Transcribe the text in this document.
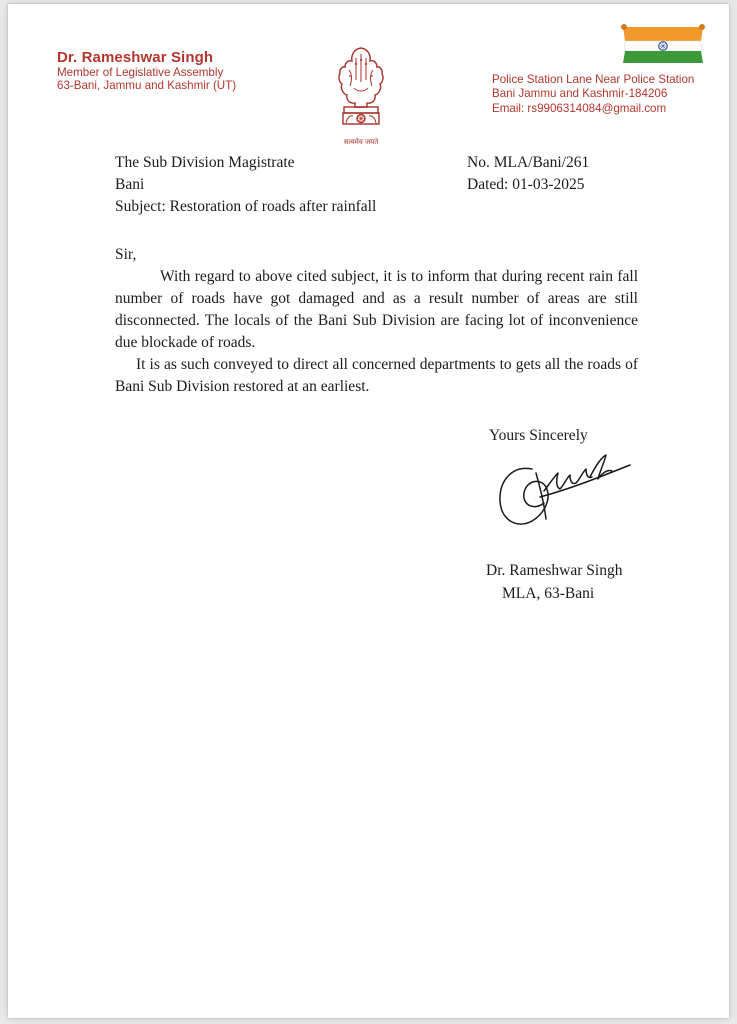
Dr. Rameshwar Singh
Member of Legislative Assembly
63-Bani, Jammu and Kashmir (UT)
सत्यमेव जयते
Police Station Lane Near Police Station
Bani Jammu and Kashmir-184206
Email: rs9906314084@gmail.com
The Sub Division Magistrate
Bani
Subject: Restoration of roads after rainfall
No. MLA/Bani/261
Dated: 01-03-2025
Sir,

With regard to above cited subject, it is to inform that during recent rain fall number of roads have got damaged and as a result number of areas are still disconnected. The locals of the Bani Sub Division are facing lot of inconvenience due blockade of roads.

It is as such conveyed to direct all concerned departments to gets all the roads of Bani Sub Division restored at an earliest.

Yours Sincerely
Dr. Rameshwar Singh
MLA, 63-Bani
